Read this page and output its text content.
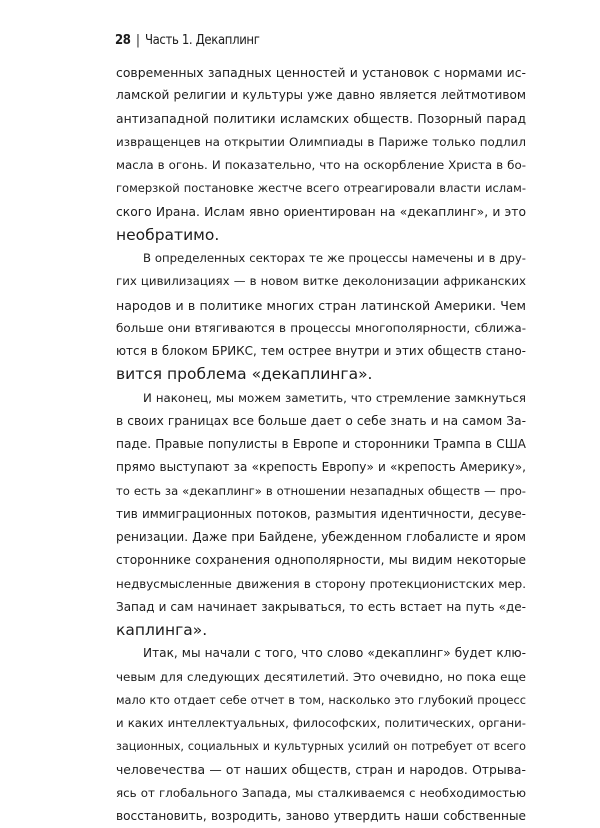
28 | Часть 1. Декаплинг
современных западных ценностей и установок с нормами ис-
ламской религии и культуры уже давно является лейтмотивом
антизападной политики исламских обществ. Позорный парад
извращенцев на открытии Олимпиады в Париже только подлил
масла в огонь. И показательно, что на оскорбление Христа в бо-
гомерзкой постановке жестче всего отреагировали власти ислам-
ского Ирана. Ислам явно ориентирован на «декаплинг», и это
необратимо.
В определенных секторах те же процессы намечены и в дру-
гих цивилизациях — в новом витке деколонизации африканских
народов и в политике многих стран латинской Америки. Чем
больше они втягиваются в процессы многополярности, сближа-
ются в блоком БРИКС, тем острее внутри и этих обществ стано-
вится проблема «декаплинга».
И наконец, мы можем заметить, что стремление замкнуться
в своих границах все больше дает о себе знать и на самом За-
паде. Правые популисты в Европе и сторонники Трампа в США
прямо выступают за «крепость Европу» и «крепость Америку»,
то есть за «декаплинг» в отношении незападных обществ — про-
тив иммиграционных потоков, размытия идентичности, десуве-
ренизации. Даже при Байдене, убежденном глобалисте и яром
стороннике сохранения однополярности, мы видим некоторые
недвусмысленные движения в сторону протекционистских мер.
Запад и сам начинает закрываться, то есть встает на путь «де-
каплинга».
Итак, мы начали с того, что слово «декаплинг» будет клю-
чевым для следующих десятилетий. Это очевидно, но пока еще
мало кто отдает себе отчет в том, насколько это глубокий процесс
и каких интеллектуальных, философских, политических, органи-
зационных, социальных и культурных усилий он потребует от всего
человечества — от наших обществ, стран и народов. Отрыва-
ясь от глобального Запада, мы сталкиваемся с необходимостью
восстановить, возродить, заново утвердить наши собственные
